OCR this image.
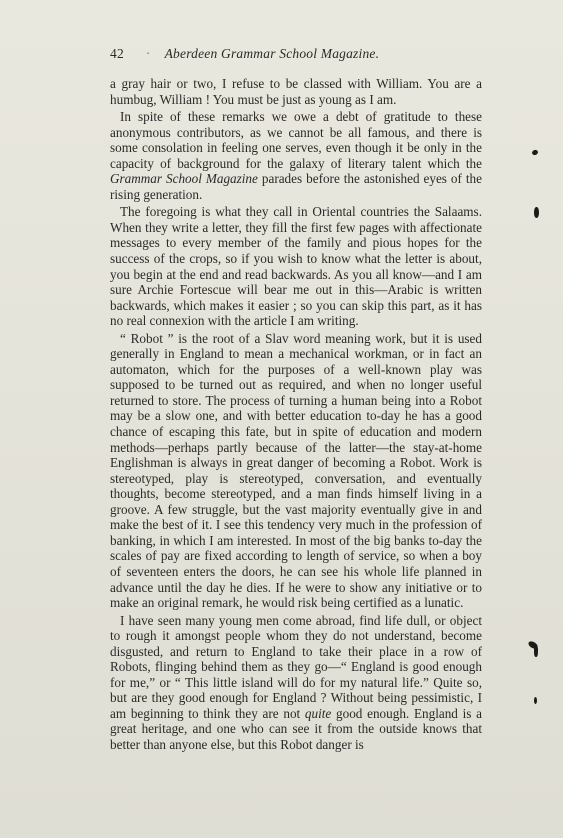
42 · Aberdeen Grammar School Magazine.

a gray hair or two, I refuse to be classed with William. You are a humbug, William ! You must be just as young as I am.

In spite of these remarks we owe a debt of gratitude to these anonymous contributors, as we cannot be all famous, and there is some consolation in feeling one serves, even though it be only in the capacity of background for the galaxy of literary talent which the Grammar School Magazine parades before the astonished eyes of the rising generation.

The foregoing is what they call in Oriental countries the Salaams. When they write a letter, they fill the first few pages with affectionate messages to every member of the family and pious hopes for the success of the crops, so if you wish to know what the letter is about, you begin at the end and read backwards. As you all know—and I am sure Archie Fortescue will bear me out in this—Arabic is written backwards, which makes it easier ; so you can skip this part, as it has no real connexion with the article I am writing.

“ Robot ” is the root of a Slav word meaning work, but it is used generally in England to mean a mechanical workman, or in fact an automaton, which for the purposes of a well-known play was supposed to be turned out as required, and when no longer useful returned to store. The process of turning a human being into a Robot may be a slow one, and with better education to-day he has a good chance of escaping this fate, but in spite of education and modern methods—perhaps partly because of the latter—the stay-at-home Englishman is always in great danger of becoming a Robot. Work is stereotyped, play is stereotyped, conversation, and eventually thoughts, become stereotyped, and a man finds himself living in a groove. A few struggle, but the vast majority eventually give in and make the best of it. I see this tendency very much in the profession of banking, in which I am interested. In most of the big banks to-day the scales of pay are fixed according to length of service, so when a boy of seventeen enters the doors, he can see his whole life planned in advance until the day he dies. If he were to show any initiative or to make an original remark, he would risk being certified as a lunatic.

I have seen many young men come abroad, find life dull, or object to rough it amongst people whom they do not understand, become disgusted, and return to England to take their place in a row of Robots, flinging behind them as they go—“ England is good enough for me,” or “ This little island will do for my natural life.” Quite so, but are they good enough for England ? Without being pessimistic, I am beginning to think they are not quite good enough. England is a great heritage, and one who can see it from the outside knows that better than anyone else, but this Robot danger is
